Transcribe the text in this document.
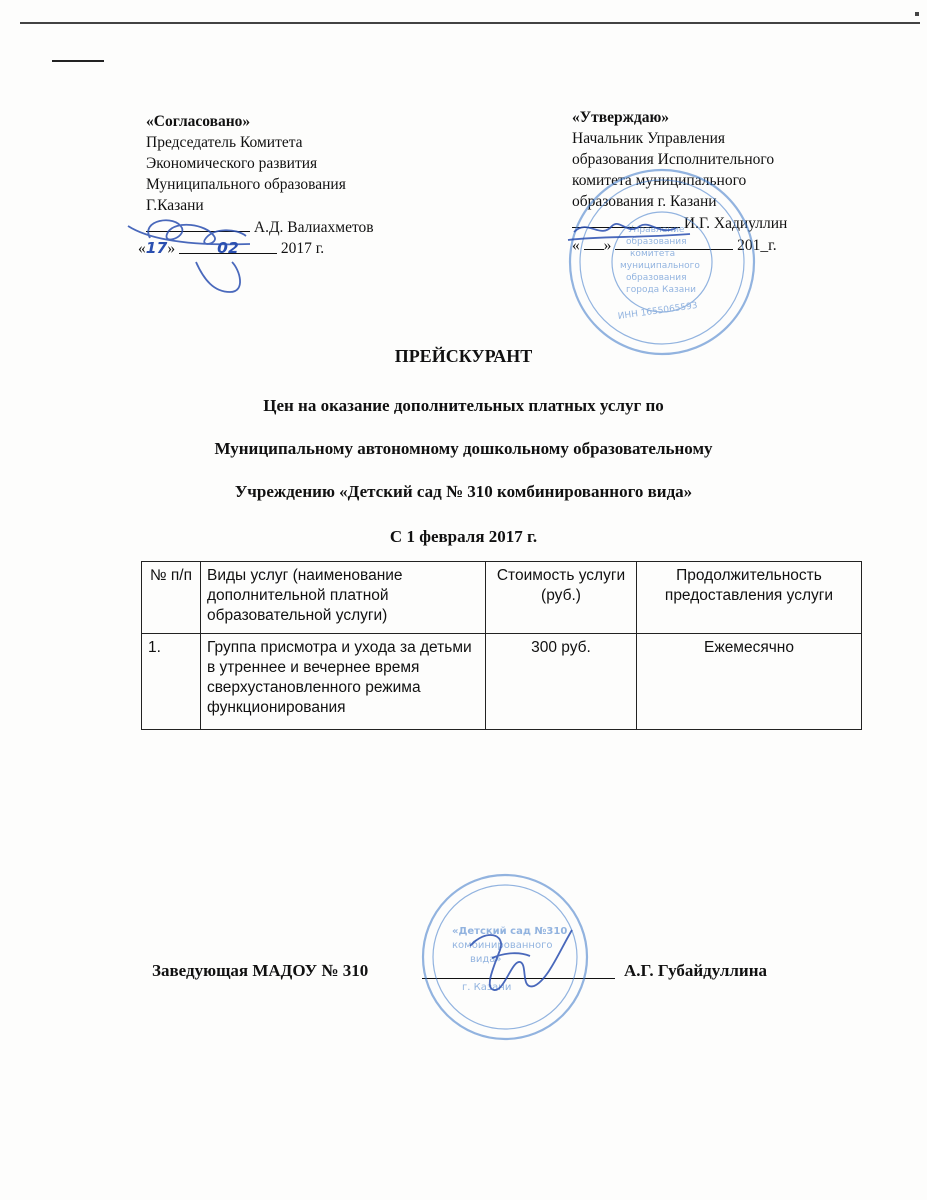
«Согласовано»
Председатель Комитета
Экономического развития
Муниципального образования
Г.Казани
А.Д. Валиахметов
«17»	02	2017 г.
«Утверждаю»
Начальник Управления
образования Исполнительного
комитета муниципального
образования г. Казани
И.Г. Хадиуллин
« »	201_г.
ПРЕЙСКУРАНТ
Цен на оказание дополнительных платных услуг по
Муниципальному автономному дошкольному образовательному
Учреждению «Детский сад № 310 комбинированного вида»
С 1 февраля 2017 г.
№ п/п	Виды услуг (наименование дополнительной платной образовательной услуги)	Стоимость услуги (руб.)	Продолжительность предоставления услуги
1.	Группа присмотра и ухода за детьми в утреннее и вечернее время сверхустановленного режима функционирования	300 руб.	Ежемесячно
Заведующая МАДОУ № 310	А.Г. Губайдуллина
Управление
образования
комитета
муниципального
образования
города Казани
ИНН 1655065593
«Детский сад №310
комбинированного
вида»
г. Казани
